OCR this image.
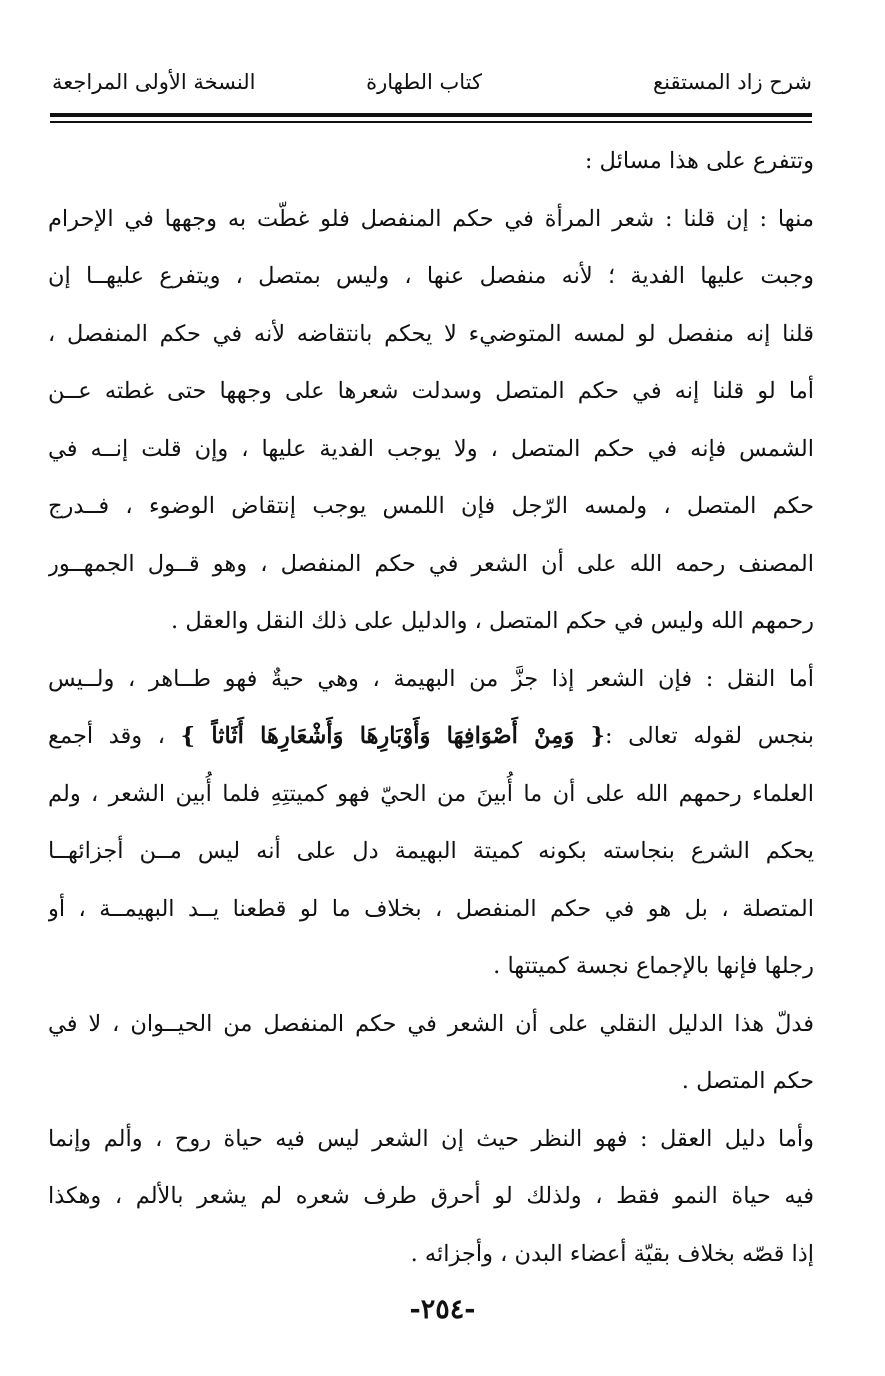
شرح زاد المستقنع
كتاب الطهارة
النسخة الأولى المراجعة
وتتفرع على هذا مسائل :
منها : إن قلنا : شعر المرأة في حكم المنفصل فلو غطّت به وجهها في الإحرام
وجبت عليها الفدية ؛ لأنه منفصل عنها ، وليس بمتصل ، ويتفرع عليهــا إن
قلنا إنه منفصل لو لمسه المتوضيء لا يحكم بانتقاضه لأنه في حكم المنفصل ،
أما لو قلنا إنه في حكم المتصل وسدلت شعرها على وجهها حتى غطته عــن
الشمس فإنه في حكم المتصل ، ولا يوجب الفدية عليها ، وإن قلت إنــه في
حكم المتصل ، ولمسه الرّجل فإن اللمس يوجب إنتقاض الوضوء ، فــدرج
المصنف رحمه الله على أن الشعر في حكم المنفصل ، وهو قــول الجمهــور
رحمهم الله وليس في حكم المتصل ، والدليل على ذلك النقل والعقل .
أما النقل : فإن الشعر إذا جزَّ من البهيمة ، وهي حيةٌ فهو طــاهر ، ولــيس
بنجس لقوله تعالى :{ وَمِنْ أَصْوَافِهَا وَأَوْبَارِهَا وَأَشْعَارِهَا أَثَاثاً } ، وقد أجمع
العلماء رحمهم الله على أن ما أُبينَ من الحيّ فهو كميتتِهِ فلما أُبين الشعر ، ولم
يحكم الشرع بنجاسته بكونه كميتة البهيمة دل على أنه ليس مــن أجزائهــا
المتصلة ، بل هو في حكم المنفصل ، بخلاف ما لو قطعنا يــد البهيمــة ، أو
رجلها فإنها بالإجماع نجسة كميتتها .
فدلّ هذا الدليل النقلي على أن الشعر في حكم المنفصل من الحيــوان ، لا في
حكم المتصل .
وأما دليل العقل : فهو النظر حيث إن الشعر ليس فيه حياة روح ، وألم وإنما
فيه حياة النمو فقط ، ولذلك لو أحرق طرف شعره لم يشعر بالألم ، وهكذا
إذا قصّه بخلاف بقيّة أعضاء البدن ، وأجزائه .
-٢٥٤-
